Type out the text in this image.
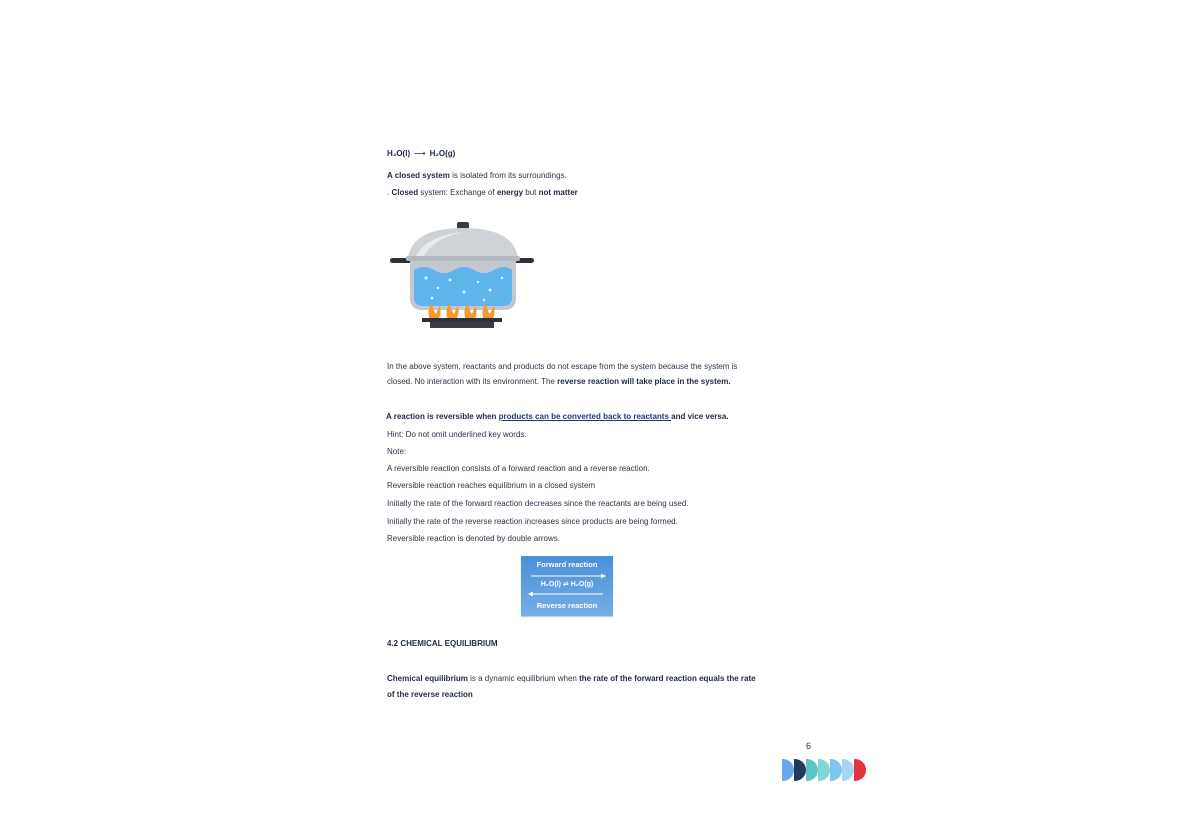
H₂O(l) ⟶ H₂O(g)
A closed system is isolated from its surroundings.
. Closed system: Exchange of energy but not matter
In the above system, reactants and products do not escape from the system because the system is
closed. No interaction with its environment. The reverse reaction will take place in the system.
A reaction is reversible when products can be converted back to reactants and vice versa.
Hint: Do not omit underlined key words.
Note:
A reversible reaction consists of a forward reaction and a reverse reaction.
Reversible reaction reaches equilibrium in a closed system
Initially the rate of the forward reaction decreases since the reactants are being used.
Initially the rate of the reverse reaction increases since products are being formed.
Reversible reaction is denoted by double arrows.
Forward reaction
H₂O(l) ⇌ H₂O(g)
Reverse reaction
4.2 CHEMICAL EQUILIBRIUM
Chemical equilibrium is a dynamic equilibrium when the rate of the forward reaction equals the rate
of the reverse reaction
6
